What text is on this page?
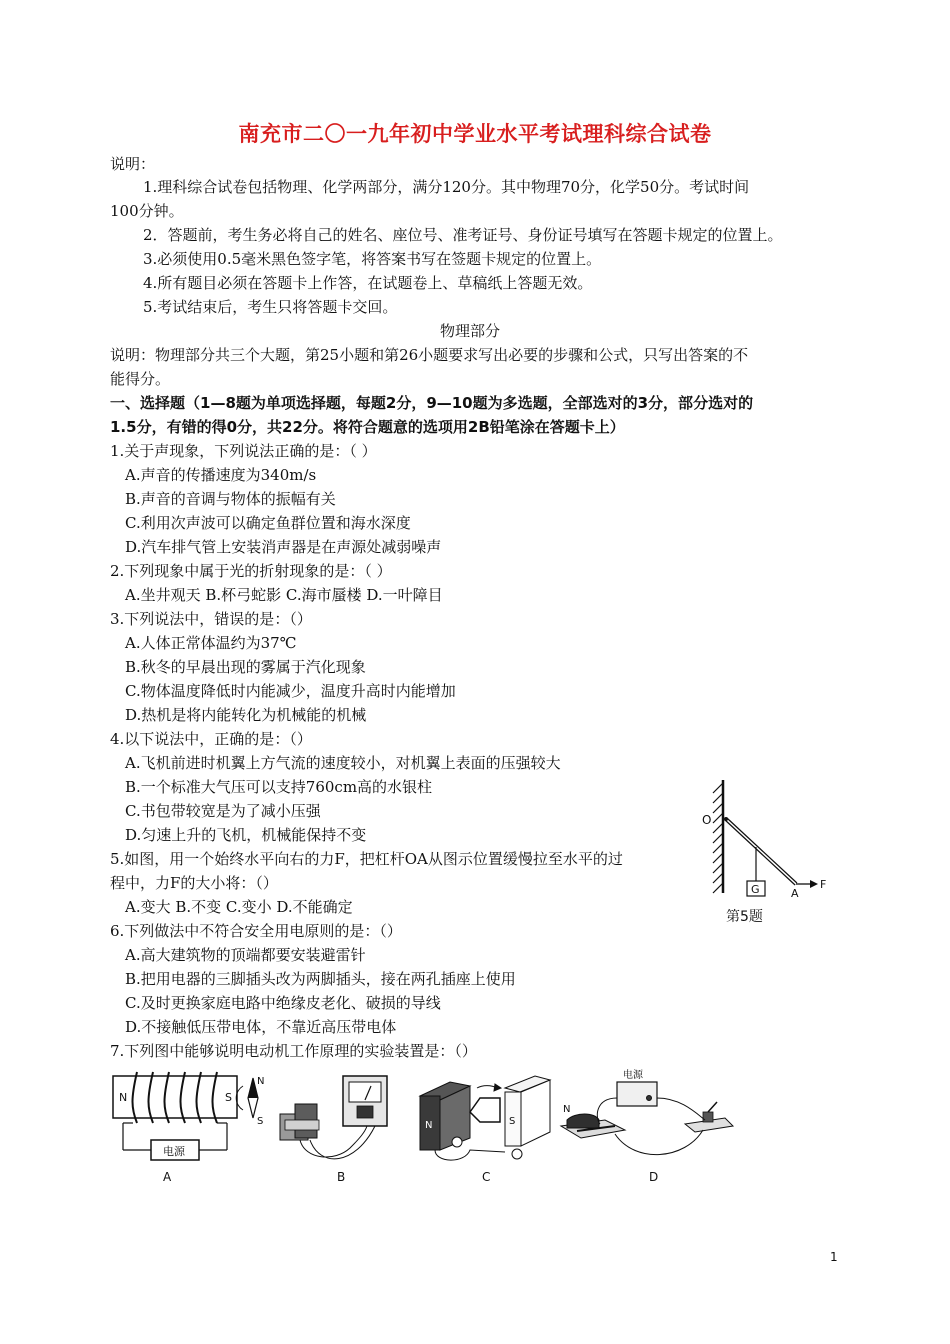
南充市二〇一九年初中学业水平考试理科综合试卷
说明：
1.理科综合试卷包括物理、化学两部分，满分120分。其中物理70分，化学50分。考试时间
100分钟。
2．答题前，考生务必将自己的姓名、座位号、准考证号、身份证号填写在答题卡规定的位置上。
3.必须使用0.5毫米黑色签字笔，将答案书写在签题卡规定的位置上。
4.所有题目必须在答题卡上作答，在试题卷上、草稿纸上答题无效。
5.考试结束后，考生只将答题卡交回。
物理部分
说明：物理部分共三个大题，第25小题和第26小题要求写出必要的步骤和公式，只写出答案的不
能得分。
一、选择题（1—8题为单项选择题，每题2分，9—10题为多选题，全部选对的3分，部分选对的
1.5分，有错的得0分，共22分。将符合题意的选项用2B铅笔涂在答题卡上）
1.关于声现象，下列说法正确的是：（ ）
A.声音的传播速度为340m/s
B.声音的音调与物体的振幅有关
C.利用次声波可以确定鱼群位置和海水深度
D.汽车排气管上安装消声器是在声源处减弱噪声
2.下列现象中属于光的折射现象的是：（ ）
A.坐井观天 B.杯弓蛇影 C.海市蜃楼 D.一叶障目
3.下列说法中，错误的是：（）
A.人体正常体温约为37℃
B.秋冬的早晨出现的雾属于汽化现象
C.物体温度降低时内能减少，温度升高时内能增加
D.热机是将内能转化为机械能的机械
4.以下说法中，正确的是：（）
A.飞机前进时机翼上方气流的速度较小，对机翼上表面的压强较大
B.一个标准大气压可以支持760cm高的水银柱
C.书包带较宽是为了减小压强
D.匀速上升的飞机，机械能保持不变
5.如图，用一个始终水平向右的力F，把杠杆OA从图示位置缓慢拉至水平的过
程中，力F的大小将：（）
A.变大 B.不变 C.变小 D.不能确定
O
G	A
F
第5题
6.下列做法中不符合安全用电原则的是：（）
A.高大建筑物的顶端都要安装避雷针
B.把用电器的三脚插头改为两脚插头，接在两孔插座上使用
C.及时更换家庭电路中绝缘皮老化、破损的导线
D.不接触低压带电体，不靠近高压带电体
7.下列图中能够说明电动机工作原理的实验装置是：（）
N	S
N
S
电源
A	B
N	S
C
电源
N
D
1
